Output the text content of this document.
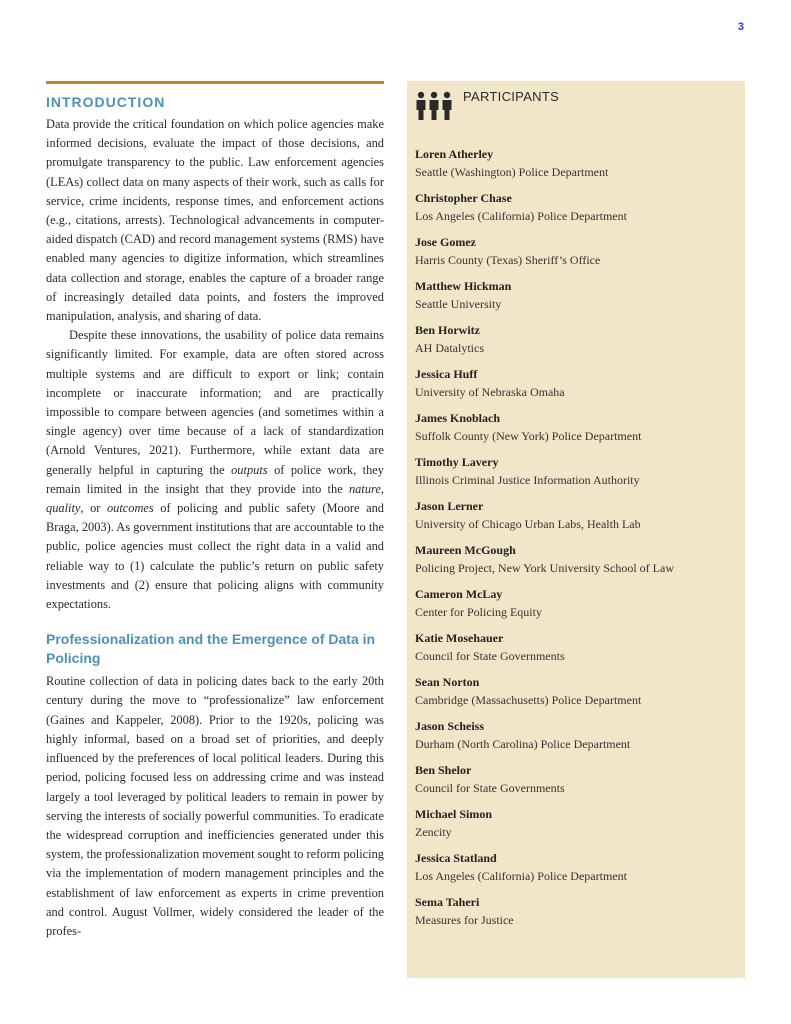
3
INTRODUCTION

Data provide the critical foundation on which police agencies make informed decisions, evaluate the impact of those decisions, and promulgate transparency to the public. Law enforcement agencies (LEAs) collect data on many aspects of their work, such as calls for service, crime incidents, response times, and enforcement actions (e.g., citations, arrests). Technological advancements in computer-aided dispatch (CAD) and record management systems (RMS) have enabled many agencies to digitize information, which streamlines data collection and storage, enables the capture of a broader range of increasingly detailed data points, and fosters the improved manipulation, analysis, and sharing of data.

Despite these innovations, the usability of police data remains significantly limited. For example, data are often stored across multiple systems and are difficult to export or link; contain incomplete or inaccurate information; and are practically impossible to compare between agencies (and sometimes within a single agency) over time because of a lack of standardization (Arnold Ventures, 2021). Furthermore, while extant data are generally helpful in capturing the outputs of police work, they remain limited in the insight that they provide into the nature, quality, or outcomes of policing and public safety (Moore and Braga, 2003). As government institutions that are accountable to the public, police agencies must collect the right data in a valid and reliable way to (1) calculate the public’s return on public safety investments and (2) ensure that policing aligns with community expectations.

Professionalization and the Emergence of Data in Policing

Routine collection of data in policing dates back to the early 20th century during the move to “professionalize” law enforcement (Gaines and Kappeler, 2008). Prior to the 1920s, policing was highly informal, based on a broad set of priorities, and deeply influenced by the preferences of local political leaders. During this period, policing focused less on addressing crime and was instead largely a tool leveraged by political leaders to remain in power by serving the interests of socially powerful communities. To eradicate the widespread corruption and inefficiencies generated under this system, the professionalization movement sought to reform policing via the implementation of modern management principles and the establishment of law enforcement as experts in crime prevention and control. August Vollmer, widely considered the leader of the profes-

PARTICIPANTS
Loren Atherley
Seattle (Washington) Police Department
Christopher Chase
Los Angeles (California) Police Department
Jose Gomez
Harris County (Texas) Sheriff’s Office
Matthew Hickman
Seattle University
Ben Horwitz
AH Datalytics
Jessica Huff
University of Nebraska Omaha
James Knoblach
Suffolk County (New York) Police Department
Timothy Lavery
Illinois Criminal Justice Information Authority
Jason Lerner
University of Chicago Urban Labs, Health Lab
Maureen McGough
Policing Project, New York University School of Law
Cameron McLay
Center for Policing Equity
Katie Mosehauer
Council for State Governments
Sean Norton
Cambridge (Massachusetts) Police Department
Jason Scheiss
Durham (North Carolina) Police Department
Ben Shelor
Council for State Governments
Michael Simon
Zencity
Jessica Statland
Los Angeles (California) Police Department
Sema Taheri
Measures for Justice
